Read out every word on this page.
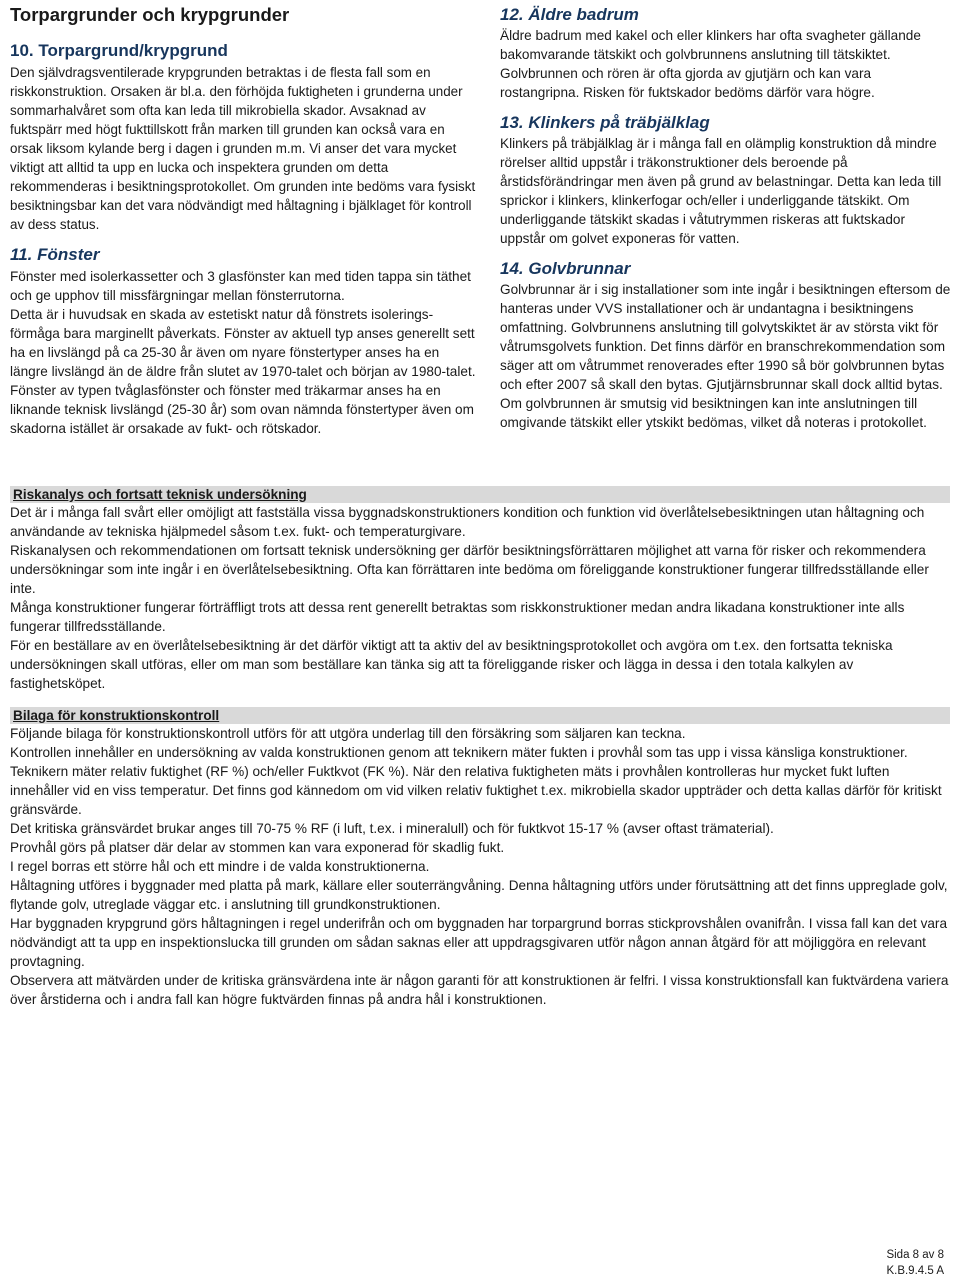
Torpargrunder och krypgrunder
10. Torpargrund/krypgrund

Den självdragsventilerade krypgrunden betraktas i de flesta fall som en riskkonstruktion. Orsaken är bl.a. den förhöjda fuktigheten i grunderna under sommarhalvåret som ofta kan leda till mikrobiella skador. Avsaknad av fuktspärr med högt fukttillskott från marken till grunden kan också vara en orsak liksom kylande berg i dagen i grunden m.m. Vi anser det vara mycket viktigt att alltid ta upp en lucka och inspektera grunden om detta rekommenderas i besiktningsprotokollet. Om grunden inte bedöms vara fysiskt besiktningsbar kan det vara nödvändigt med håltagning i bjälklaget för kontroll av dess status.

11. Fönster

Fönster med isolerkassetter och 3 glasfönster kan med tiden tappa sin täthet och ge upphov till missfärgningar mellan fönsterrutorna.

Detta är i huvudsak en skada av estetiskt natur då fönstrets isolerings-förmåga bara marginellt påverkats. Fönster av aktuell typ anses generellt sett ha en livslängd på ca 25-30 år även om nyare fönstertyper anses ha en längre livslängd än de äldre från slutet av 1970-talet och början av 1980-talet.

Fönster av typen tvåglasfönster och fönster med träkarmar anses ha en liknande teknisk livslängd (25-30 år) som ovan nämnda fönstertyper även om skadorna istället är orsakade av fukt- och rötskador.

12. Äldre badrum

Äldre badrum med kakel och eller klinkers har ofta svagheter gällande bakomvarande tätskikt och golvbrunnens anslutning till tätskiktet. Golvbrunnen och rören är ofta gjorda av gjutjärn och kan vara rostangripna. Risken för fuktskador bedöms därför vara högre.

13. Klinkers på träbjälklag

Klinkers på träbjälklag är i många fall en olämplig konstruktion då mindre rörelser alltid uppstår i träkonstruktioner dels beroende på årstidsförändringar men även på grund av belastningar. Detta kan leda till sprickor i klinkers, klinkerfogar och/eller i underliggande tätskikt. Om underliggande tätskikt skadas i våtutrymmen riskeras att fuktskador uppstår om golvet exponeras för vatten.

14. Golvbrunnar

Golvbrunnar är i sig installationer som inte ingår i besiktningen eftersom de hanteras under VVS installationer och är undantagna i besiktningens omfattning. Golvbrunnens anslutning till golvytskiktet är av största vikt för våtrumsgolvets funktion. Det finns därför en branschrekommendation som säger att om våtrummet renoverades efter 1990 så bör golvbrunnen bytas och efter 2007 så skall den bytas. Gjutjärnsbrunnar skall dock alltid bytas.

Om golvbrunnen är smutsig vid besiktningen kan inte anslutningen till omgivande tätskikt eller ytskikt bedömas, vilket då noteras i protokollet.

Riskanalys och fortsatt teknisk undersökning

Det är i många fall svårt eller omöjligt att fastställa vissa byggnadskonstruktioners kondition och funktion vid överlåtelsebesiktningen utan håltagning och användande av tekniska hjälpmedel såsom t.ex. fukt- och temperaturgivare.

Riskanalysen och rekommendationen om fortsatt teknisk undersökning ger därför besiktningsförrättaren möjlighet att varna för risker och rekommendera undersökningar som inte ingår i en överlåtelsebesiktning. Ofta kan förrättaren inte bedöma om föreliggande konstruktioner fungerar tillfredsställande eller inte.

Många konstruktioner fungerar förträffligt trots att dessa rent generellt betraktas som riskkonstruktioner medan andra likadana konstruktioner inte alls fungerar tillfredsställande.

För en beställare av en överlåtelsebesiktning är det därför viktigt att ta aktiv del av besiktningsprotokollet och avgöra om t.ex. den fortsatta tekniska undersökningen skall utföras, eller om man som beställare kan tänka sig att ta föreliggande risker och lägga in dessa i den totala kalkylen av fastighetsköpet.

Bilaga för konstruktionskontroll

Följande bilaga för konstruktionskontroll utförs för att utgöra underlag till den försäkring som säljaren kan teckna.

Kontrollen innehåller en undersökning av valda konstruktionen genom att teknikern mäter fukten i provhål som tas upp i vissa känsliga konstruktioner. Teknikern mäter relativ fuktighet (RF %) och/eller Fuktkvot (FK %). När den relativa fuktigheten mäts i provhålen kontrolleras hur mycket fukt luften innehåller vid en viss temperatur. Det finns god kännedom om vid vilken relativ fuktighet t.ex. mikrobiella skador uppträder och detta kallas därför för kritiskt gränsvärde.

Det kritiska gränsvärdet brukar anges till 70-75 % RF (i luft, t.ex. i mineralull) och för fuktkvot 15-17 % (avser oftast trämaterial).

Provhål görs på platser där delar av stommen kan vara exponerad för skadlig fukt.

I regel borras ett större hål och ett mindre i de valda konstruktionerna.

Håltagning utföres i byggnader med platta på mark, källare eller souterrängvåning. Denna håltagning utförs under förutsättning att det finns uppreglade golv, flytande golv, utreglade väggar etc. i anslutning till grundkonstruktionen.

Har byggnaden krypgrund görs håltagningen i regel underifrån och om byggnaden har torpargrund borras stickprovshålen ovanifrån. I vissa fall kan det vara nödvändigt att ta upp en inspektionslucka till grunden om sådan saknas eller att uppdragsgivaren utför någon annan åtgärd för att möjliggöra en relevant provtagning.

Observera att mätvärden under de kritiska gränsvärdena inte är någon garanti för att konstruktionen är felfri. I vissa konstruktionsfall kan fuktvärdena variera över årstiderna och i andra fall kan högre fuktvärden finnas på andra hål i konstruktionen.

Sida 8 av 8
K.B.9.4.5 A
